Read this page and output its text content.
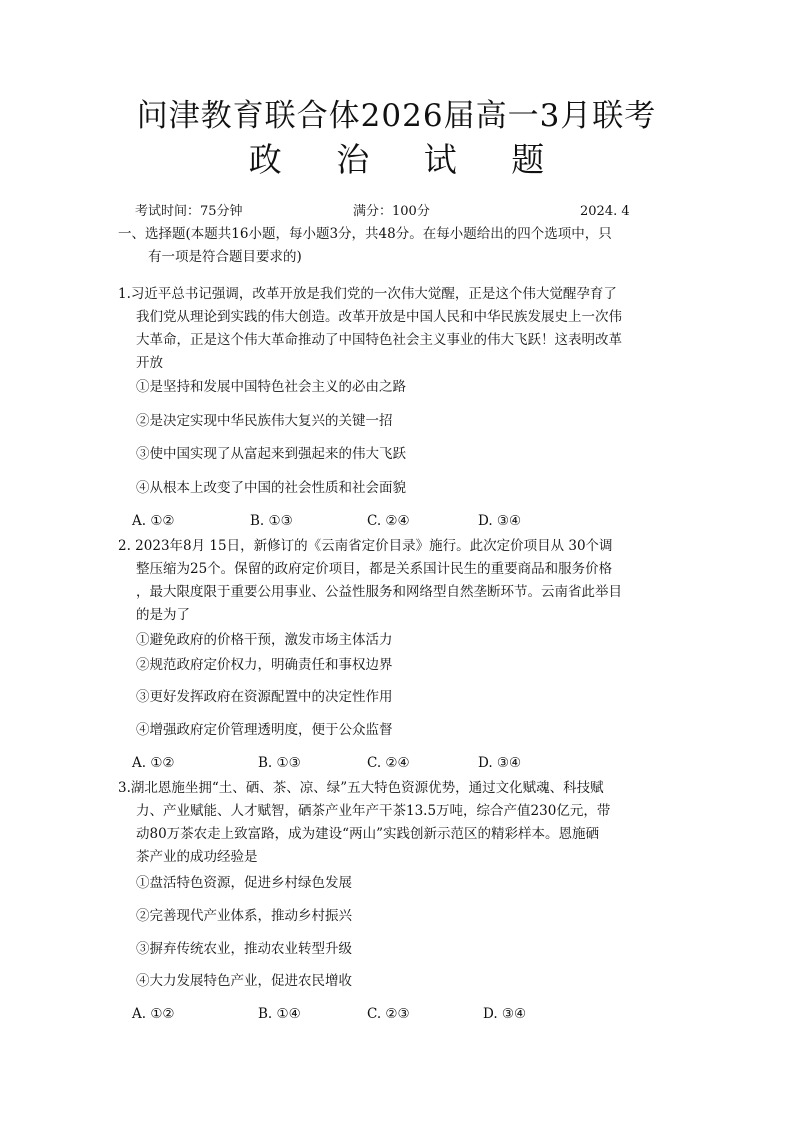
问津教育联合体2026届高一3月联考
政 治 试 题
考试时间：75分钟	满分：100分	2024. 4
一、选择题(本题共16小题，每小题3分，共48分。在每小题给出的四个选项中，只
有一项是符合题目要求的)
1.习近平总书记强调，改革开放是我们党的一次伟大觉醒，正是这个伟大觉醒孕育了
我们党从理论到实践的伟大创造。改革开放是中国人民和中华民族发展史上一次伟
大革命，正是这个伟大革命推动了中国特色社会主义事业的伟大飞跃！这表明改革
开放
①是坚持和发展中国特色社会主义的必由之路
②是决定实现中华民族伟大复兴的关键一招
③使中国实现了从富起来到强起来的伟大飞跃
④从根本上改变了中国的社会性质和社会面貌
A. ①②	B. ①③	C. ②④	D. ③④
2. 2023年8月 15日，新修订的《云南省定价目录》施行。此次定价项目从 30个调
整压缩为25个。保留的政府定价项目，都是关系国计民生的重要商品和服务价格
，最大限度限于重要公用事业、公益性服务和网络型自然垄断环节。云南省此举目
的是为了
①避免政府的价格干预，激发市场主体活力
②规范政府定价权力，明确责任和事权边界
③更好发挥政府在资源配置中的决定性作用
④增强政府定价管理透明度，便于公众监督
A. ①②	B. ①③	C. ②④	D. ③④
3.湖北恩施坐拥“土、硒、茶、凉、绿”五大特色资源优势，通过文化赋魂、科技赋
力、产业赋能、人才赋智，硒茶产业年产干茶13.5万吨，综合产值230亿元，带
动80万茶农走上致富路，成为建设“两山”实践创新示范区的精彩样本。恩施硒
茶产业的成功经验是
①盘活特色资源，促进乡村绿色发展
②完善现代产业体系，推动乡村振兴
③摒弃传统农业，推动农业转型升级
④大力发展特色产业，促进农民增收
A. ①②	B. ①④	C. ②③	D. ③④
